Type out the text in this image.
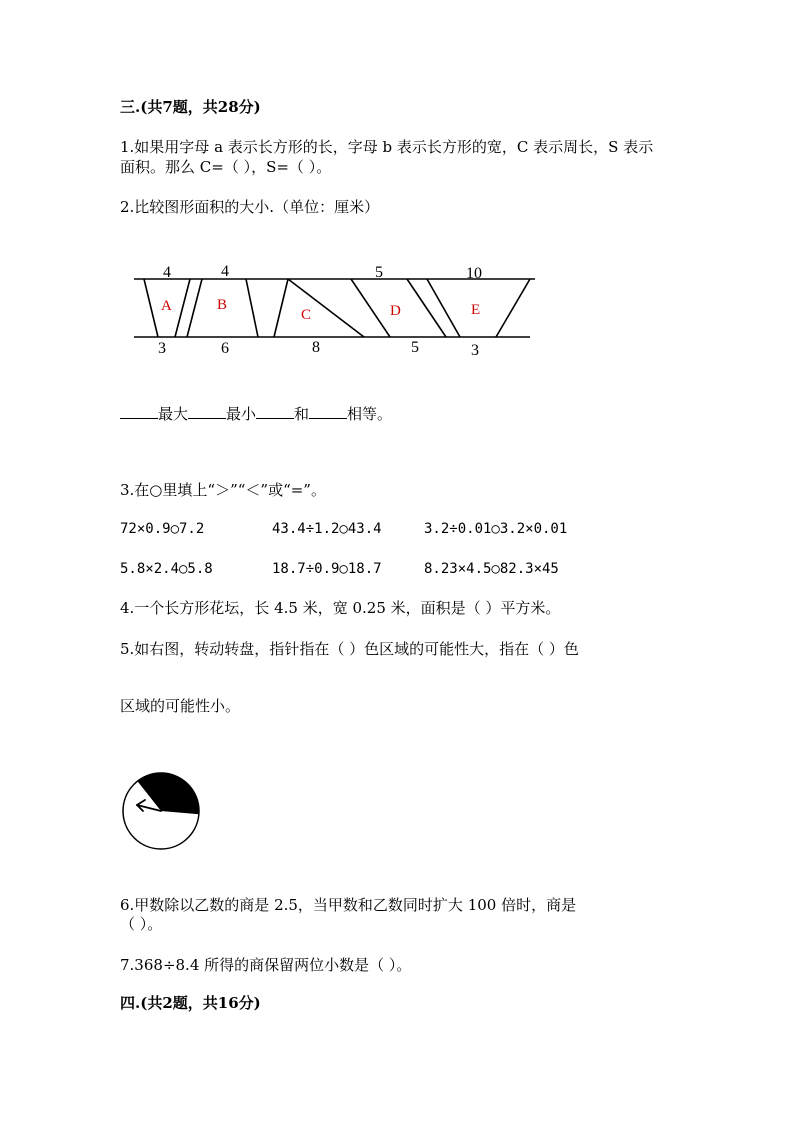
三.(共7题，共28分)
1.如果用字母 a 表示长方形的长，字母 b 表示长方形的宽，C 表示周长，S 表示
面积。那么 C=（ ），S=（ ）。
2.比较图形面积的大小.（单位：厘米）
4	4	5	10
3	6	8	5	3
A	B
C	D	E
最大	最小	和	相等。
3.在○里填上“＞”“＜”或“=”。
72×0.9○7.2	43.4÷1.2○43.4	3.2÷0.01○3.2×0.01
5.8×2.4○5.8	18.7÷0.9○18.7	8.23×4.5○82.3×45
4.一个长方形花坛，长 4.5 米，宽 0.25 米，面积是（ ）平方米。
5.如右图，转动转盘，指针指在（ ）色区域的可能性大，指在（ ）色
区域的可能性小。
6.甲数除以乙数的商是 2.5，当甲数和乙数同时扩大 100 倍时，商是
（ ）。
7.368÷8.4 所得的商保留两位小数是（ ）。
四.(共2题，共16分)
